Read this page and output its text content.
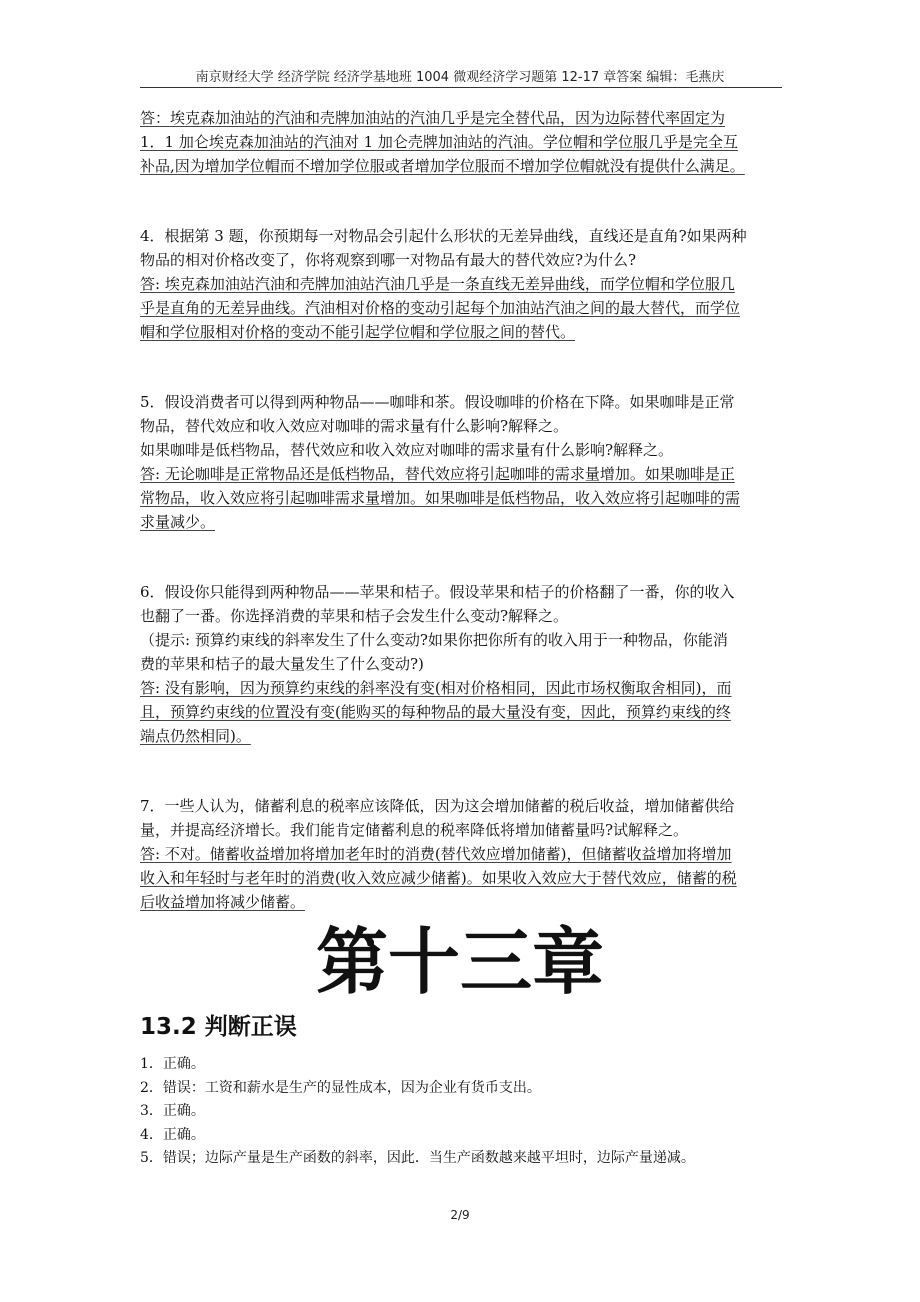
南京财经大学 经济学院 经济学基地班 1004 微观经济学习题第 12-17 章答案 编辑：毛燕庆
答：埃克森加油站的汽油和壳牌加油站的汽油几乎是完全替代品，因为边际替代率固定为
1．1 加仑埃克森加油站的汽油对 1 加仑壳牌加油站的汽油。学位帽和学位服几乎是完全互
补品,因为增加学位帽而不增加学位服或者增加学位服而不增加学位帽就没有提供什么满足。
4．根据第 3 题，你预期每一对物品会引起什么形状的无差异曲线，直线还是直角?如果两种
物品的相对价格改变了，你将观察到哪一对物品有最大的替代效应?为什么?
答: 埃克森加油站汽油和壳牌加油站汽油几乎是一条直线无差异曲线，而学位帽和学位服几
乎是直角的无差异曲线。汽油相对价格的变动引起每个加油站汽油之间的最大替代，而学位
帽和学位服相对价格的变动不能引起学位帽和学位服之间的替代。
5．假设消费者可以得到两种物品——咖啡和茶。假设咖啡的价格在下降。如果咖啡是正常
物品，替代效应和收入效应对咖啡的需求量有什么影响?解释之。
如果咖啡是低档物品，替代效应和收入效应对咖啡的需求量有什么影响?解释之。
答: 无论咖啡是正常物品还是低档物品，替代效应将引起咖啡的需求量增加。如果咖啡是正
常物品，收入效应将引起咖啡需求量增加。如果咖啡是低档物品，收入效应将引起咖啡的需
求量减少。
6．假设你只能得到两种物品——苹果和桔子。假设苹果和桔子的价格翻了一番，你的收入
也翻了一番。你选择消费的苹果和桔子会发生什么变动?解释之。
（提示: 预算约束线的斜率发生了什么变动?如果你把你所有的收入用于一种物品，你能消
费的苹果和桔子的最大量发生了什么变动?)
答: 没有影响，因为预算约束线的斜率没有变(相对价格相同，因此市场权衡取舍相同)，而
且，预算约束线的位置没有变(能购买的每种物品的最大量没有变，因此，预算约束线的终
端点仍然相同)。
7．一些人认为，储蓄利息的税率应该降低，因为这会增加储蓄的税后收益，增加储蓄供给
量，并提高经济增长。我们能肯定储蓄利息的税率降低将增加储蓄量吗?试解释之。
答: 不对。储蓄收益增加将增加老年时的消费(替代效应增加储蓄)，但储蓄收益增加将增加
收入和年轻时与老年时的消费(收入效应减少储蓄)。如果收入效应大于替代效应，储蓄的税
后收益增加将减少储蓄。
第十三章
13.2 判断正误
1．正确。
2．错误：工资和薪水是生产的显性成本，因为企业有货币支出。
3．正确。
4．正确。
5．错误；边际产量是生产函数的斜率，因此．当生产函数越来越平坦时，边际产量递减。
2/9
